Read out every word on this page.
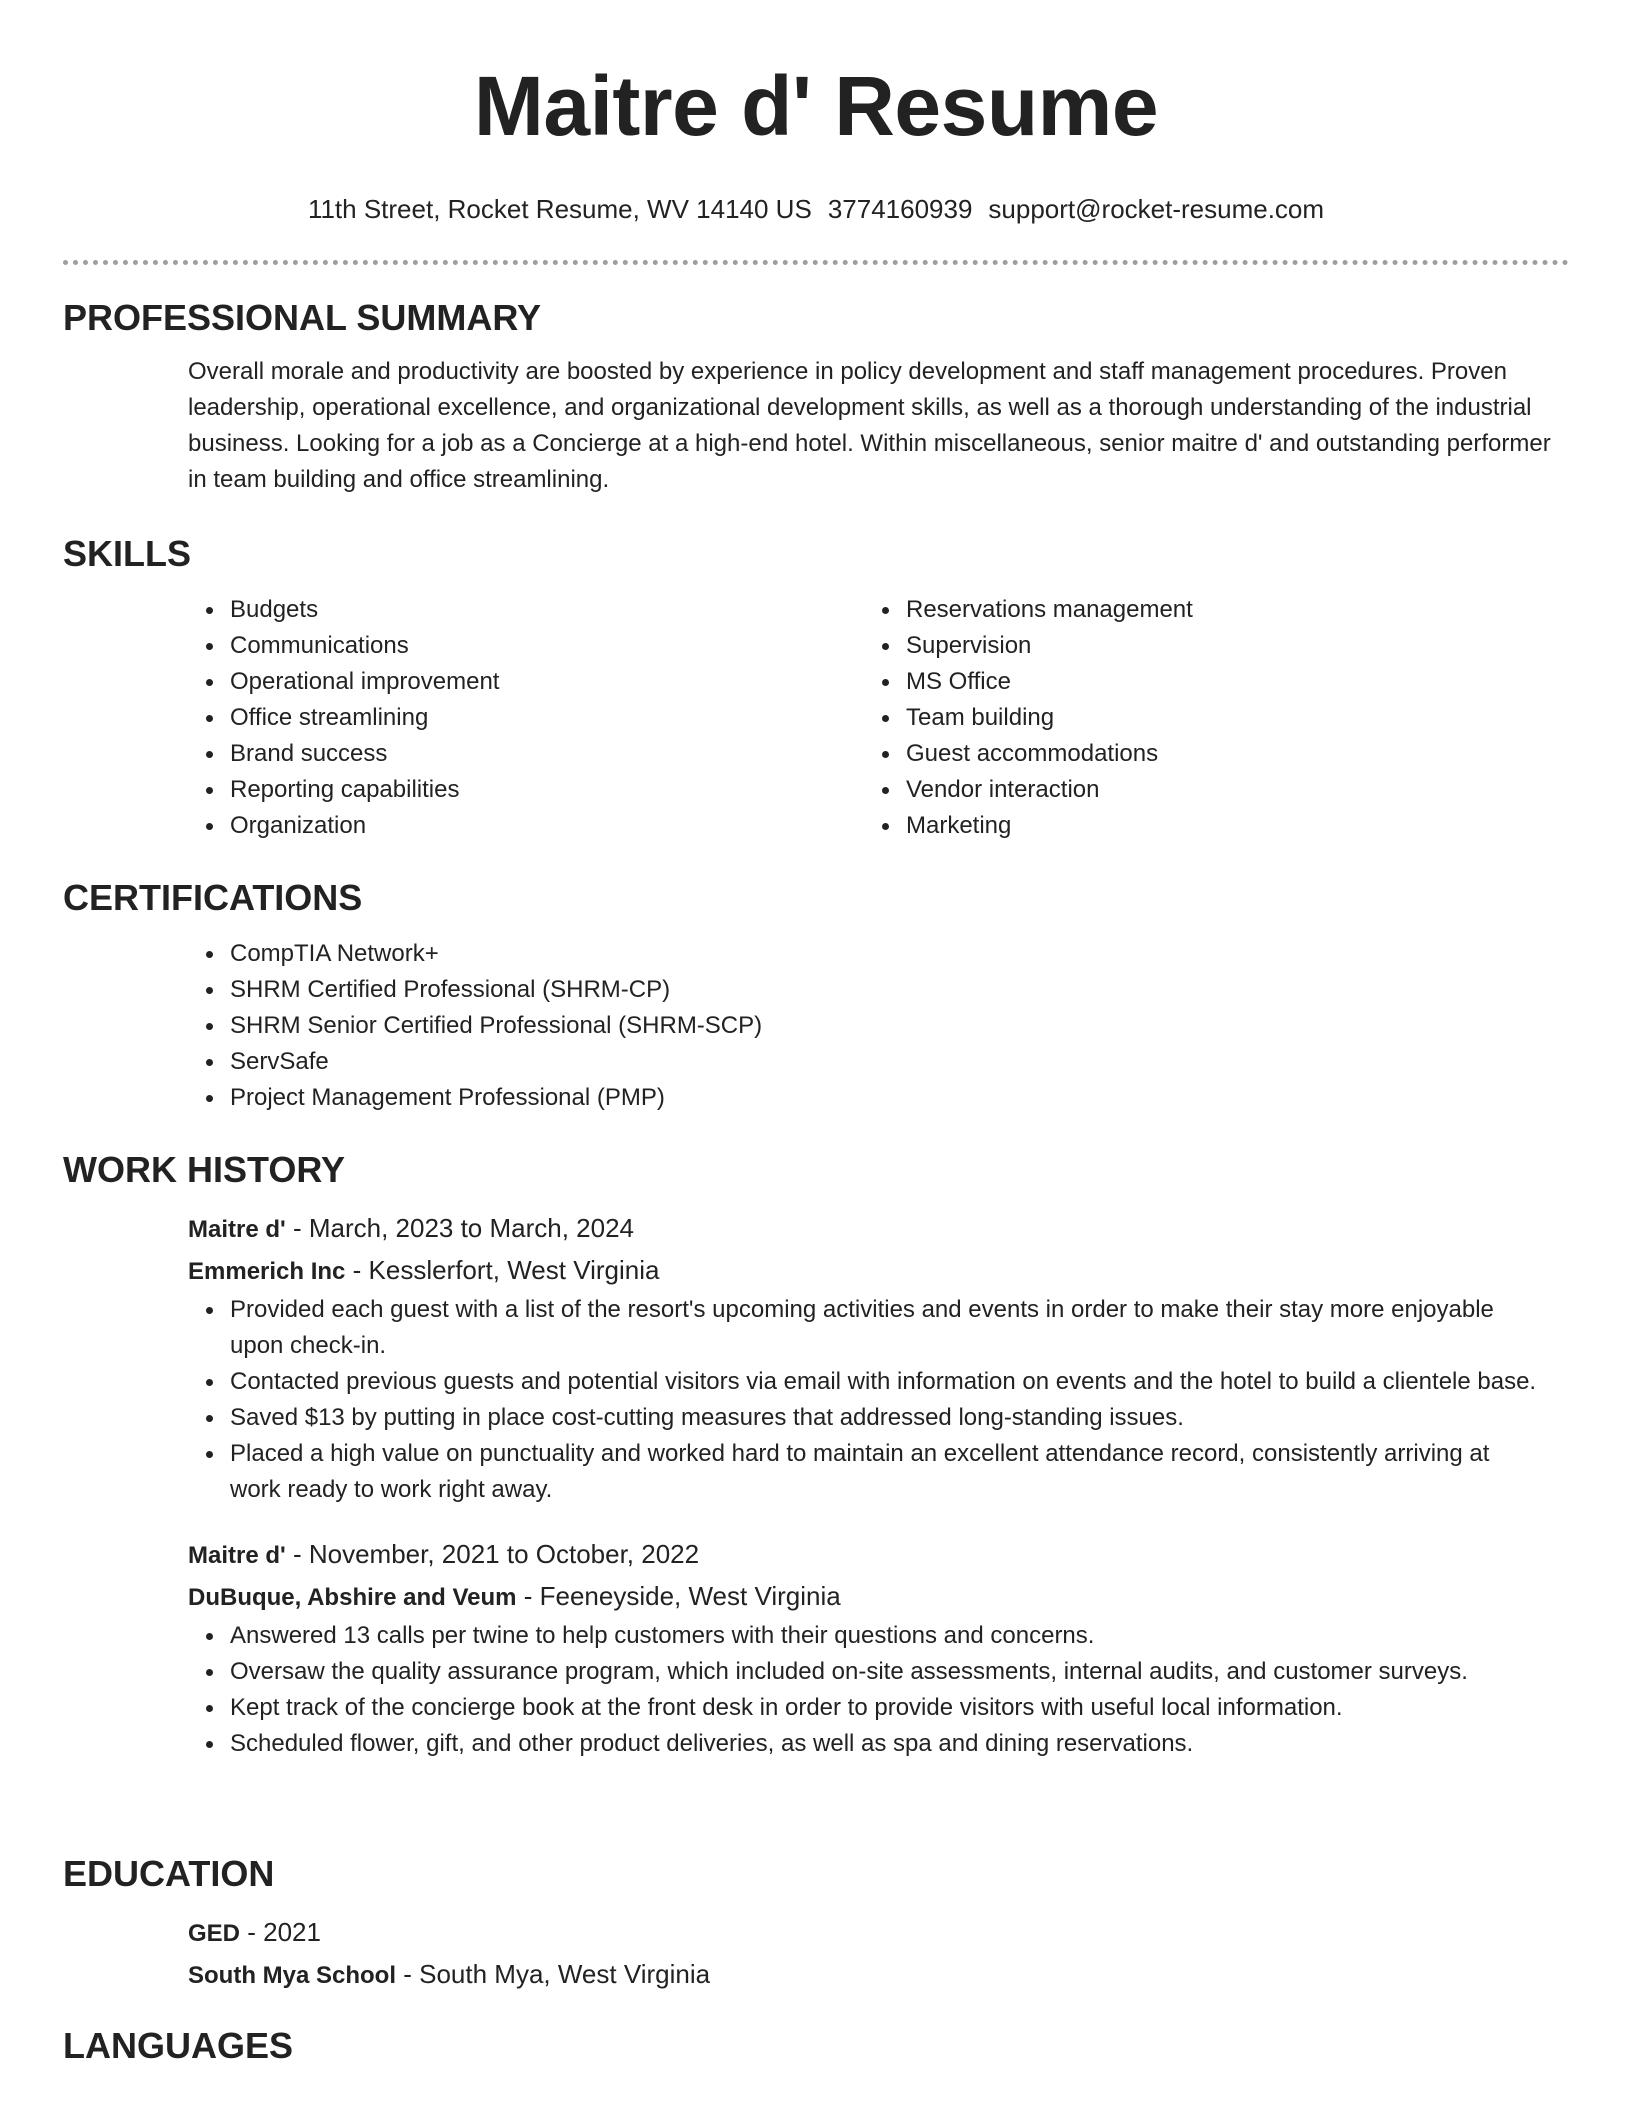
Maitre d' Resume
11th Street, Rocket Resume, WV 14140 US 3774160939 support@rocket-resume.com
PROFESSIONAL SUMMARY

Overall morale and productivity are boosted by experience in policy development and staff management procedures. Proven leadership, operational excellence, and organizational development skills, as well as a thorough understanding of the industrial business. Looking for a job as a Concierge at a high-end hotel. Within miscellaneous, senior maitre d' and outstanding performer in team building and office streamlining.

SKILLS
Budgets
Communications
Operational improvement
Office streamlining
Brand success
Reporting capabilities
Organization
Reservations management
Supervision
MS Office
Team building
Guest accommodations
Vendor interaction
Marketing
CERTIFICATIONS
CompTIA Network+
SHRM Certified Professional (SHRM-CP)
SHRM Senior Certified Professional (SHRM-SCP)
ServSafe
Project Management Professional (PMP)
WORK HISTORY
Maitre d' - March, 2023 to March, 2024
Emmerich Inc - Kesslerfort, West Virginia
Provided each guest with a list of the resort's upcoming activities and events in order to make their stay more enjoyable upon check-in.
Contacted previous guests and potential visitors via email with information on events and the hotel to build a clientele base.
Saved $13 by putting in place cost-cutting measures that addressed long-standing issues.
Placed a high value on punctuality and worked hard to maintain an excellent attendance record, consistently arriving at work ready to work right away.
Maitre d' - November, 2021 to October, 2022
DuBuque, Abshire and Veum - Feeneyside, West Virginia
Answered 13 calls per twine to help customers with their questions and concerns.
Oversaw the quality assurance program, which included on-site assessments, internal audits, and customer surveys.
Kept track of the concierge book at the front desk in order to provide visitors with useful local information.
Scheduled flower, gift, and other product deliveries, as well as spa and dining reservations.
EDUCATION
GED - 2021
South Mya School - South Mya, West Virginia
LANGUAGES
